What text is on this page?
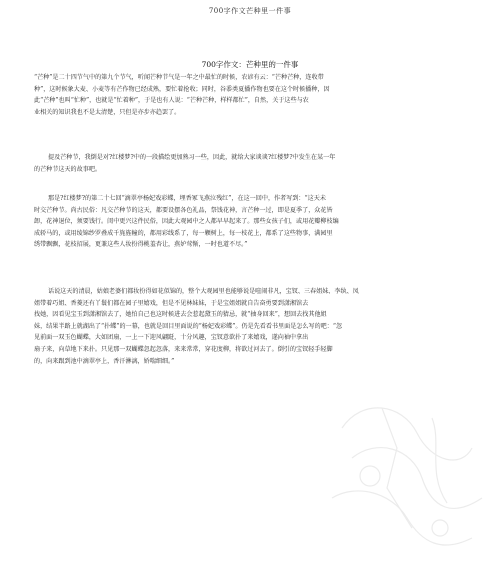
700字作文芒种里一件事
700字作文：芒种里的一件事
“芒种”是二十四节气中的第九个节气，听闻芒种节气是一年之中最忙的时候，农谚有云：“芒种芒种，连收带
种”，这时候象大麦、小麦等有芒作物已经成熟，要忙着抢收；同时，谷黍类夏播作物也要在这个时候播种，因
此“芒种”也叫“忙种”，也就是“忙着种”，于是也有人说：“芒种芒种，样样都忙”，自然，关于这些与农
业相关的知识我也不是太清楚，只但是亦步亦趋罢了。
提及芒种节，我倒是对?红楼梦?中的一段描绘更加熟习一些，因此，就给大家谈谈?红楼梦?中发生在某一年
的芒种节这天的故事吧。
那是?红楼梦?的第二十七回“滴翠亭杨妃戏彩蝶，埋香冢飞燕泣残红”，在这一回中，作者写到：“这天未
时交芒种节。尚古民俗：凡交芒种节的这天，都要设摆各色礼品，祭饯花神，言芒种一过，即是夏季了，众花皆
卸，花神退位，须要饯行。闺中更兴这件民俗，因此大观园中之人都早早起来了。那些女孩子们，或用花瓣柳枝编
成轿马的，或用绫锦纱罗叠成千旄旌幢的，都用彩线系了，每一颗树上，每一枝花上，都系了这些物事，满园里
绣带飘飘，花枝招展，更兼这些人妆扮得桃羞杏让，燕妒莺惭，一时也道不尽。”
话说这天的清晨，姑娘老婆们都妆扮得如花似锦的，整个大观园里也能够说是喧闹非凡，宝钗、三春姐妹、李纨、凤
姐带着巧姐、香菱还有丫鬟们都在园子里嬉戏，但是不见林妹妹，于是宝姐姐就自告奋勇要到潇湘馆去
找她，因看见宝玉到潇湘馆去了，她怕自己也这时候进去会惹起黛玉的猜忌，就“抽身回来”，想回去找其他姐
妹，结果半路上就湖出了“扑蝶”的一幕，也就是回目里面说的“杨妃戏彩蝶”。仍是先看看书里面是怎么写的吧：“忽
见前面一双玉色蝴蝶，大如团扇，一上一下迎风翩跹，十分风趣，宝钗意欲扑了来嬉戏，遂向袖中拿出
扇子来，向草地下来扑。只见那一双蝴蝶忽起忽落，来来常常，穿花度柳，将欲过河去了。倒引的宝钗轻手轻脚
的，向来跟到池中滴翠亭上，香汗淋漓，娇喘细细。”
